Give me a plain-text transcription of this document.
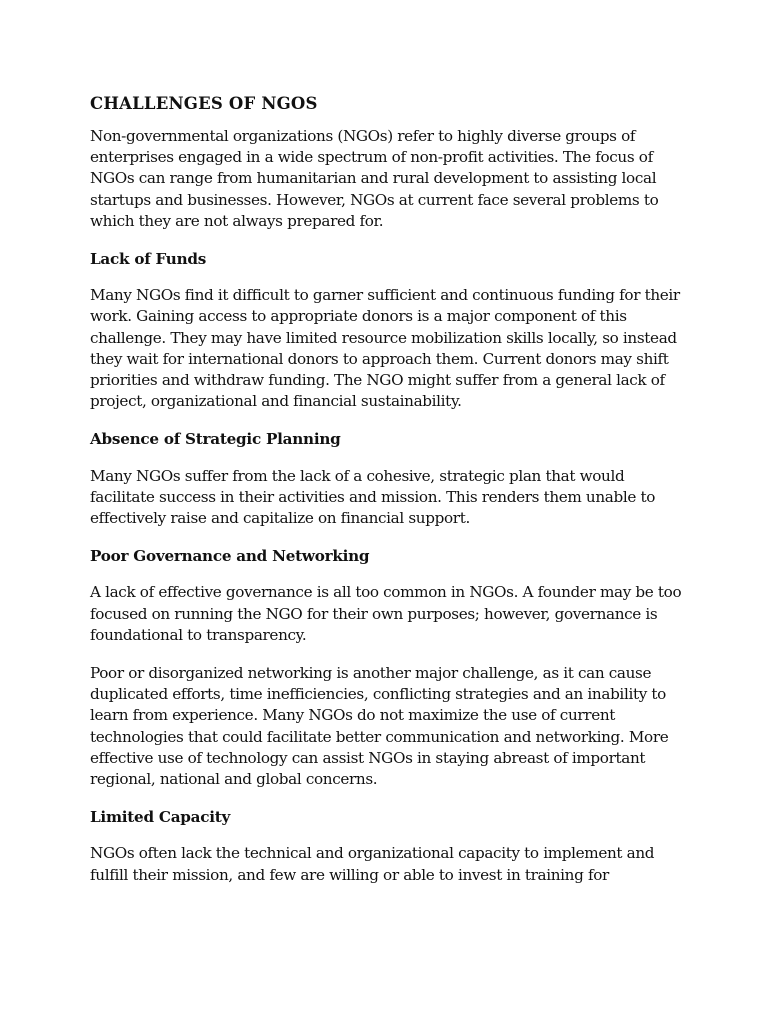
CHALLENGES OF NGOS

Non-governmental organizations (NGOs) refer to highly diverse groups of enterprises engaged in a wide spectrum of non-profit activities. The focus of NGOs can range from humanitarian and rural development to assisting local startups and businesses. However, NGOs at current face several problems to which they are not always prepared for.

Lack of Funds

Many NGOs find it difficult to garner sufficient and continuous funding for their work. Gaining access to appropriate donors is a major component of this challenge. They may have limited resource mobilization skills locally, so instead they wait for international donors to approach them. Current donors may shift priorities and withdraw funding. The NGO might suffer from a general lack of project, organizational and financial sustainability.

Absence of Strategic Planning

Many NGOs suffer from the lack of a cohesive, strategic plan that would facilitate success in their activities and mission. This renders them unable to effectively raise and capitalize on financial support.

Poor Governance and Networking

A lack of effective governance is all too common in NGOs. A founder may be too focused on running the NGO for their own purposes; however, governance is foundational to transparency.

Poor or disorganized networking is another major challenge, as it can cause duplicated efforts, time inefficiencies, conflicting strategies and an inability to learn from experience. Many NGOs do not maximize the use of current technologies that could facilitate better communication and networking. More effective use of technology can assist NGOs in staying abreast of important regional, national and global concerns.

Limited Capacity

NGOs often lack the technical and organizational capacity to implement and fulfill their mission, and few are willing or able to invest in training for
